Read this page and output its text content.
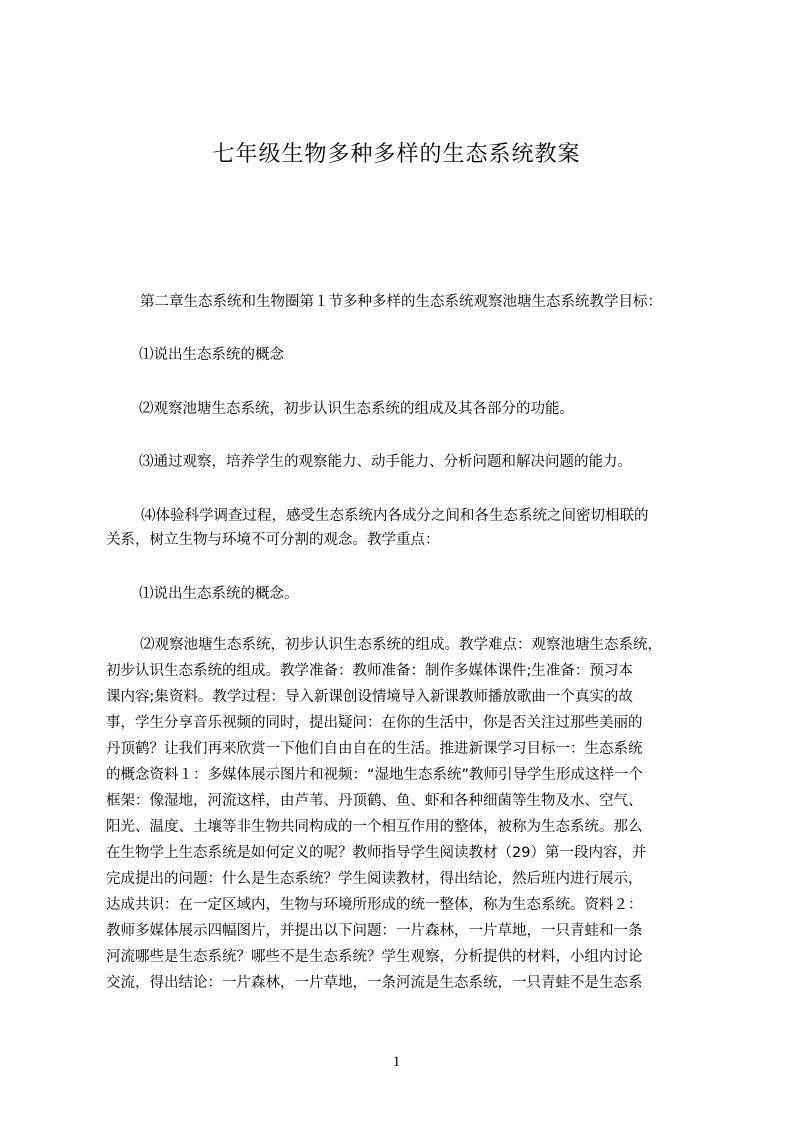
七年级生物多种多样的生态系统教案
第二章生态系统和生物圈第１节多种多样的生态系统观察池塘生态系统教学目标：
⑴说出生态系统的概念
⑵观察池塘生态系统，初步认识生态系统的组成及其各部分的功能。
⑶通过观察，培养学生的观察能力、动手能力、分析问题和解决问题的能力。
⑷体验科学调查过程，感受生态系统内各成分之间和各生态系统之间密切相联的
关系，树立生物与环境不可分割的观念。教学重点：
⑴说出生态系统的概念。
⑵观察池塘生态系统，初步认识生态系统的组成。教学难点：观察池塘生态系统，
初步认识生态系统的组成。教学准备：教师准备：制作多媒体课件;生准备：预习本
课内容;集资料。教学过程：导入新课创设情境导入新课教师播放歌曲一个真实的故
事，学生分享音乐视频的同时，提出疑问：在你的生活中，你是否关注过那些美丽的
丹顶鹤？让我们再来欣赏一下他们自由自在的生活。推进新课学习目标一：生态系统
的概念资料１：多媒体展示图片和视频：“湿地生态系统”教师引导学生形成这样一个
框架：像湿地，河流这样，由芦苇、丹顶鹤、鱼、虾和各种细菌等生物及水、空气、
阳光、温度、土壤等非生物共同构成的一个相互作用的整体，被称为生态系统。那么
在生物学上生态系统是如何定义的呢？教师指导学生阅读教材（29）第一段内容，并
完成提出的问题：什么是生态系统？学生阅读教材，得出结论，然后班内进行展示，
达成共识：在一定区域内，生物与环境所形成的统一整体，称为生态系统。资料２：
教师多媒体展示四幅图片，并提出以下问题：一片森林，一片草地，一只青蛙和一条
河流哪些是生态系统？哪些不是生态系统？学生观察，分析提供的材料，小组内讨论
交流，得出结论：一片森林，一片草地，一条河流是生态系统，一只青蛙不是生态系
1
